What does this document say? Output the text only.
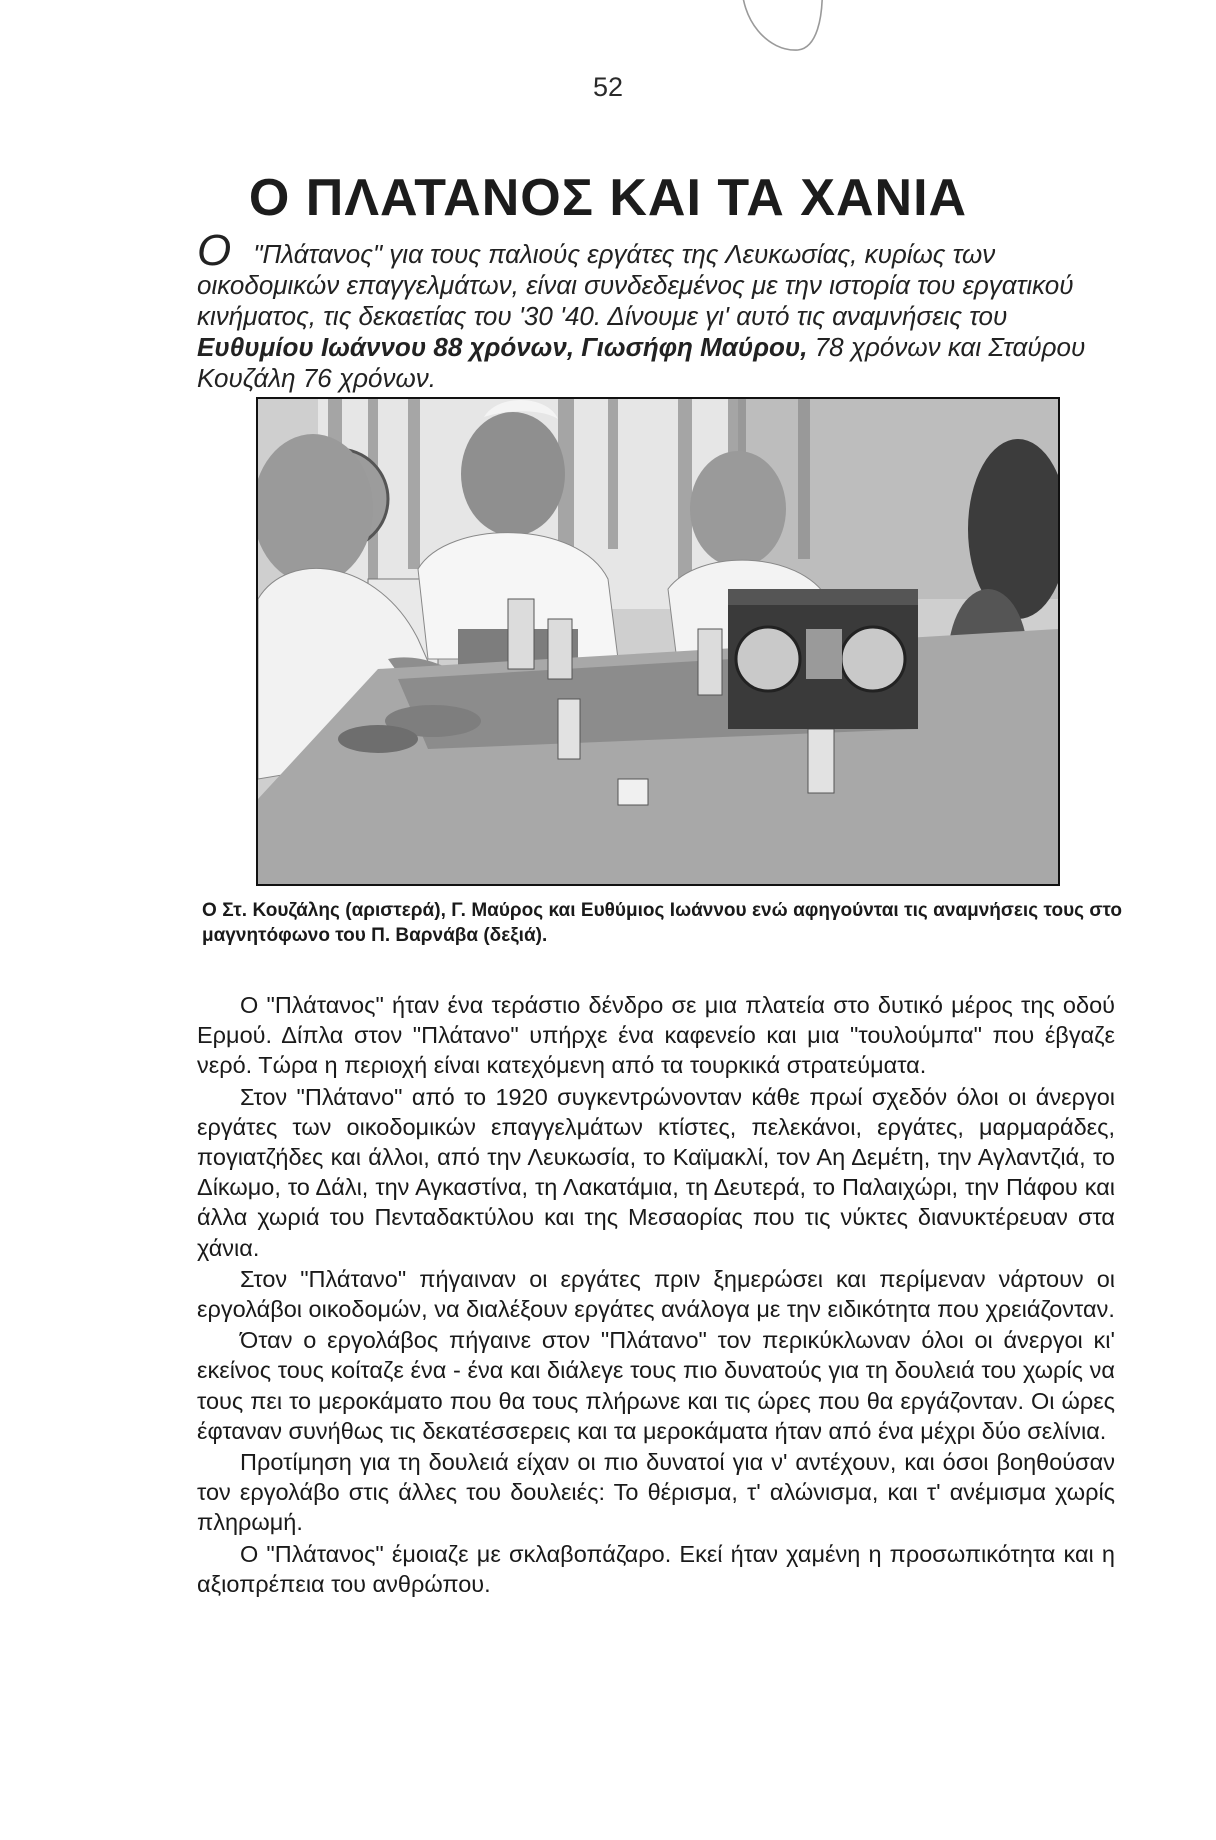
52
Ο ΠΛΑΤΑΝΟΣ ΚΑΙ ΤΑ ΧΑΝΙΑ
Ο "Πλάτανος" για τους παλιούς εργάτες της Λευκωσίας, κυρίως των οικοδομικών επαγγελμάτων, είναι συνδεδεμένος με την ιστορία του εργατικού κινήματος, τις δεκαετίας του '30 '40. Δίνουμε γι' αυτό τις αναμνήσεις του Ευθυμίου Ιωάννου 88 χρόνων, Γιωσήφη Μαύρου, 78 χρόνων και Σταύρου Κουζάλη 76 χρόνων.
Ο Στ. Κουζάλης (αριστερά), Γ. Μαύρος και Ευθύμιος Ιωάννου ενώ αφηγούνται τις αναμνήσεις τους στο μαγνητόφωνο του Π. Βαρνάβα (δεξιά).

Ο "Πλάτανος" ήταν ένα τεράστιο δένδρο σε μια πλατεία στο δυτικό μέρος της οδού Ερμού. Δίπλα στον "Πλάτανο" υπήρχε ένα καφενείο και μια "τουλούμπα" που έβγαζε νερό. Τώρα η περιοχή είναι κατεχόμενη από τα τουρκικά στρατεύματα.

Στον "Πλάτανο" από το 1920 συγκεντρώνονταν κάθε πρωί σχεδόν όλοι οι άνεργοι εργάτες των οικοδομικών επαγγελμάτων κτίστες, πελεκάνοι, εργάτες, μαρμαράδες, πογιατζήδες και άλλοι, από την Λευκωσία, το Καϊμακλί, τον Αη Δεμέτη, την Αγλαντζιά, το Δίκωμο, το Δάλι, την Αγκαστίνα, τη Λακατάμια, τη Δευτερά, το Παλαιχώρι, την Πάφου και άλλα χωριά του Πενταδακτύλου και της Μεσαορίας που τις νύκτες διανυκτέρευαν στα χάνια.

Στον "Πλάτανο" πήγαιναν οι εργάτες πριν ξημερώσει και περίμεναν νάρτουν οι εργολάβοι οικοδομών, να διαλέξουν εργάτες ανάλογα με την ειδικότητα που χρειάζονταν.

Όταν ο εργολάβος πήγαινε στον "Πλάτανο" τον περικύκλωναν όλοι οι άνεργοι κι' εκείνος τους κοίταζε ένα - ένα και διάλεγε τους πιο δυνατούς για τη δουλειά του χωρίς να τους πει το μεροκάματο που θα τους πλήρωνε και τις ώρες που θα εργάζονταν. Οι ώρες έφταναν συνήθως τις δεκατέσσερεις και τα μεροκάματα ήταν από ένα μέχρι δύο σελίνια.

Προτίμηση για τη δουλειά είχαν οι πιο δυνατοί για ν' αντέχουν, και όσοι βοηθούσαν τον εργολάβο στις άλλες του δουλειές: Το θέρισμα, τ' αλώνισμα, και τ' ανέμισμα χωρίς πληρωμή.

Ο "Πλάτανος" έμοιαζε με σκλαβοπάζαρο. Εκεί ήταν χαμένη η προσωπικότητα και η αξιοπρέπεια του ανθρώπου.
